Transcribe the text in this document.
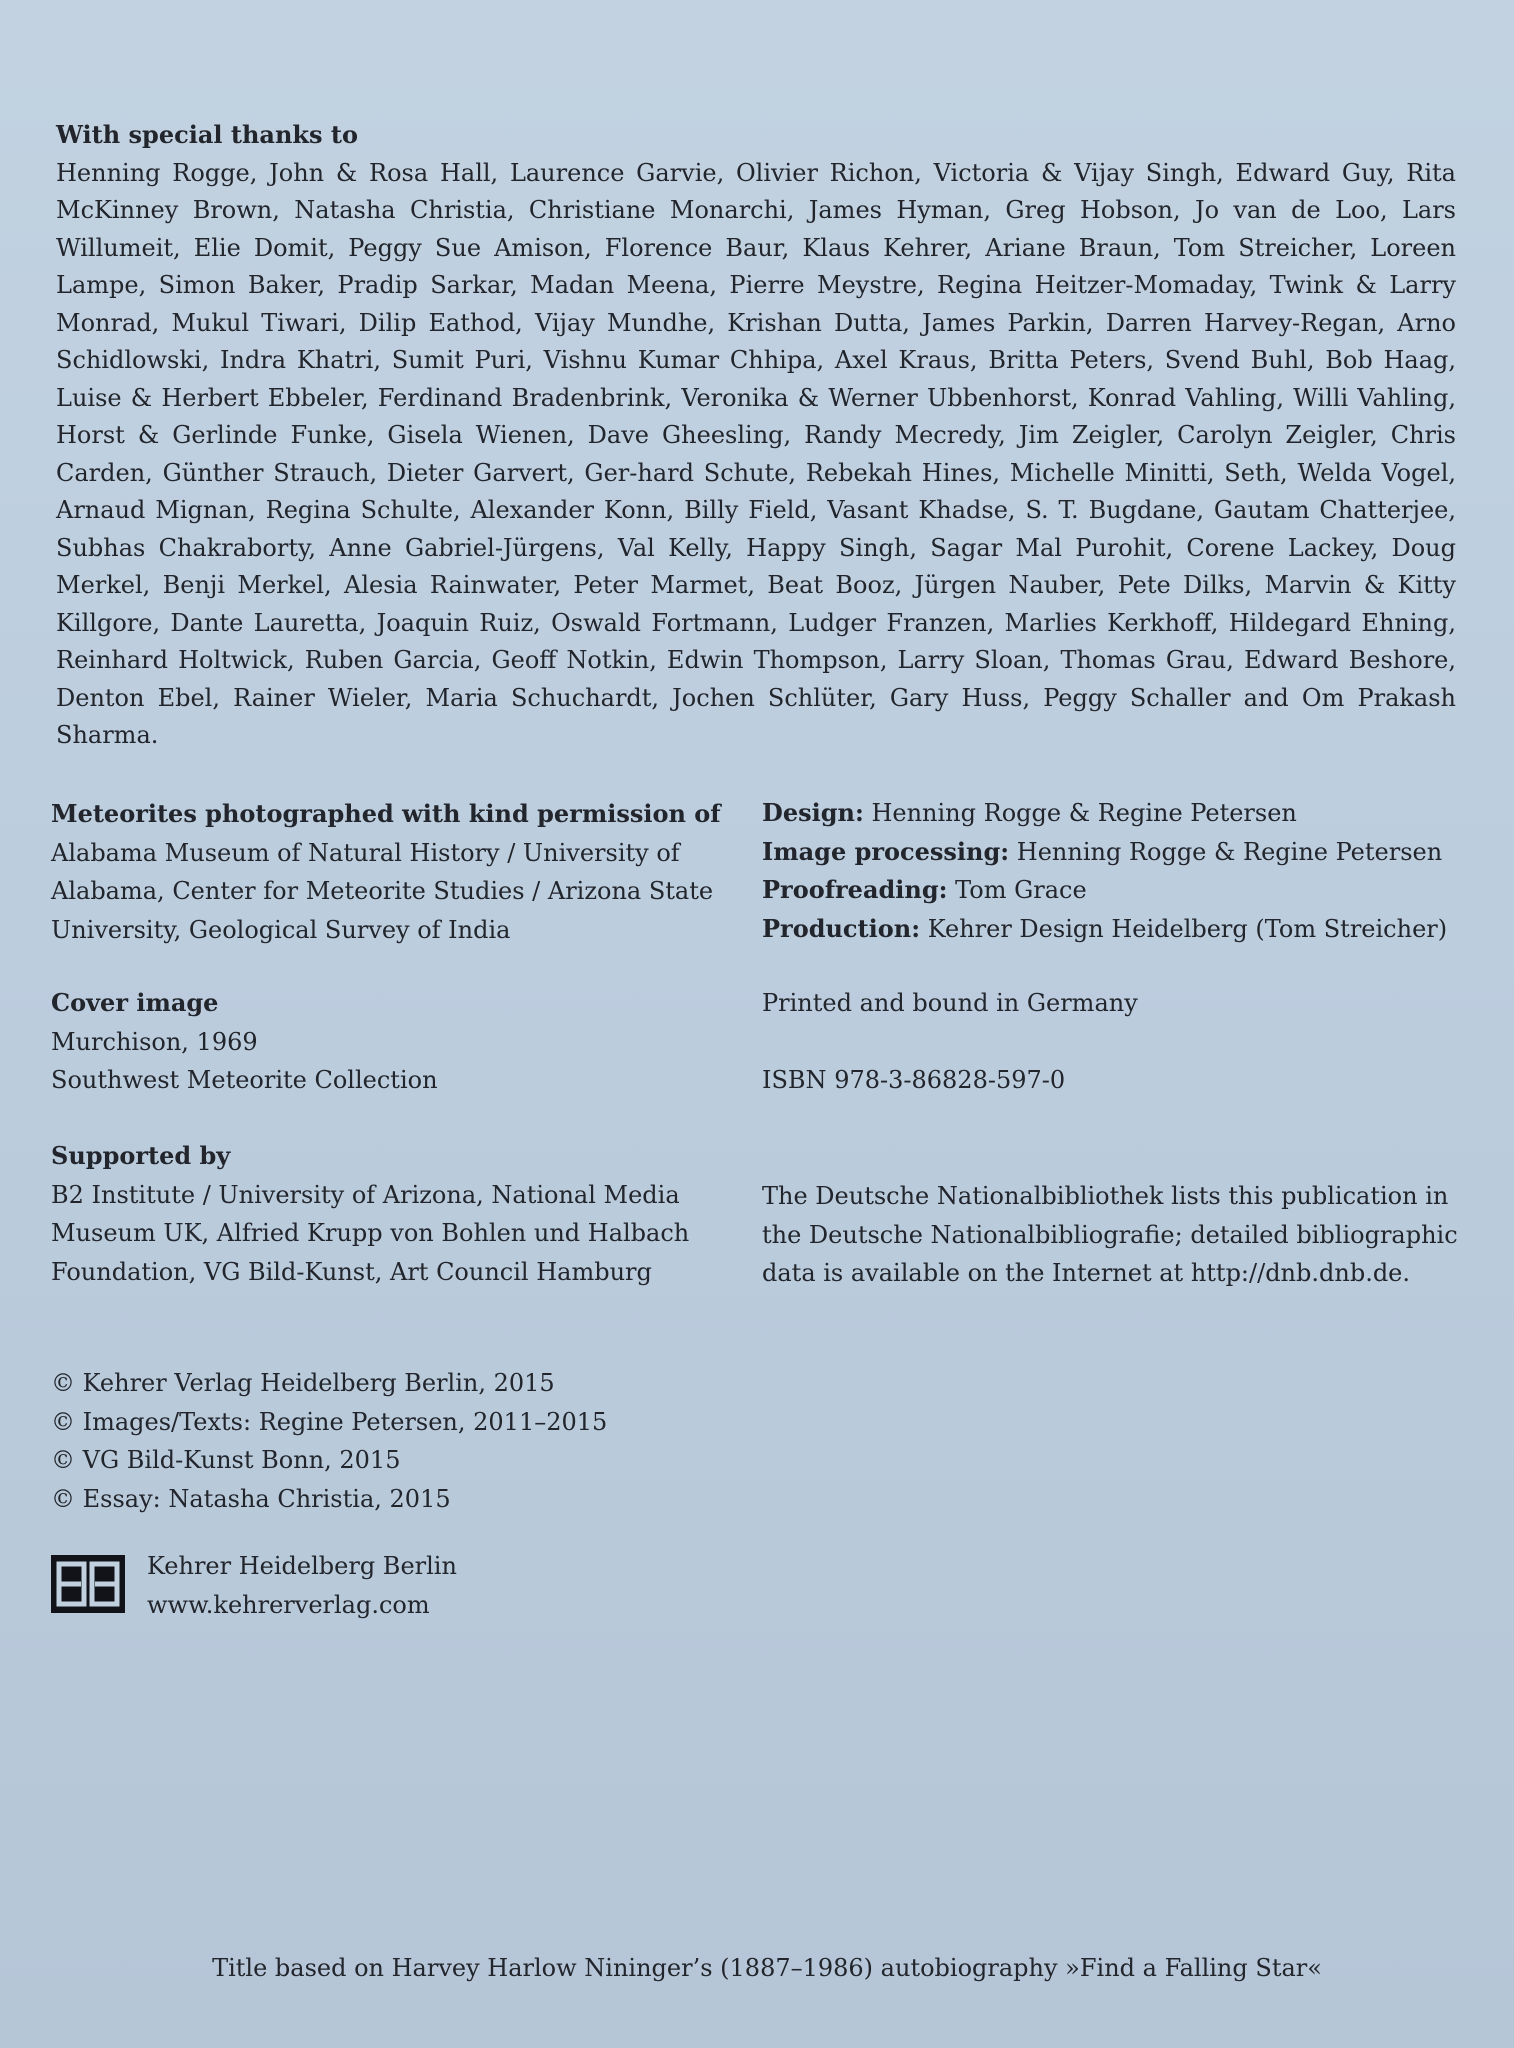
With special thanks to
Henning Rogge, John & Rosa Hall, Laurence Garvie, Olivier Richon, Victoria & Vijay Singh, Edward Guy, Rita McKinney Brown, Natasha Christia, Christiane Monarchi, James Hyman, Greg Hobson, Jo van de Loo, Lars Willumeit, Elie Domit, Peggy Sue Amison, Florence Baur, Klaus Kehrer, Ariane Braun, Tom Streicher, Loreen Lampe, Simon Baker, Pradip Sarkar, Madan Meena, Pierre Meystre, Regina Heitzer-Momaday, Twink & Larry Monrad, Mukul Tiwari, Dilip Eathod, Vijay Mundhe, Krishan Dutta, James Parkin, Darren Harvey-Regan, Arno Schidlowski, Indra Khatri, Sumit Puri, Vishnu Kumar Chhipa, Axel Kraus, Britta Peters, Svend Buhl, Bob Haag, Luise & Herbert Ebbeler, Ferdinand Bradenbrink, Veronika & Werner Ubbenhorst, Konrad Vahling, Willi Vahling, Horst & Gerlinde Funke, Gisela Wienen, Dave Gheesling, Randy Mecredy, Jim Zeigler, Carolyn Zeigler, Chris Carden, Günther Strauch, Dieter Garvert, Ger-hard Schute, Rebekah Hines, Michelle Minitti, Seth, Welda Vogel, Arnaud Mignan, Regina Schulte, Alexander Konn, Billy Field, Vasant Khadse, S. T. Bugdane, Gautam Chatterjee, Subhas Chakraborty, Anne Gabriel-Jürgens, Val Kelly, Happy Singh, Sagar Mal Purohit, Corene Lackey, Doug Merkel, Benji Merkel, Alesia Rainwater, Peter Marmet, Beat Booz, Jürgen Nauber, Pete Dilks, Marvin & Kitty Killgore, Dante Lauretta, Joaquin Ruiz, Oswald Fortmann, Ludger Franzen, Marlies Kerkhoff, Hildegard Ehning, Reinhard Holtwick, Ruben Garcia, Geoff Notkin, Edwin Thompson, Larry Sloan, Thomas Grau, Edward Beshore, Denton Ebel, Rainer Wieler, Maria Schuchardt, Jochen Schlüter, Gary Huss, Peggy Schaller and Om Prakash Sharma.
Meteorites photographed with kind permission of
Alabama Museum of Natural History / University of
Alabama, Center for Meteorite Studies / Arizona State
University, Geological Survey of India
Cover image
Murchison, 1969
Southwest Meteorite Collection
Supported by
B2 Institute / University of Arizona, National Media
Museum UK, Alfried Krupp von Bohlen und Halbach
Foundation, VG Bild-Kunst, Art Council Hamburg
© Kehrer Verlag Heidelberg Berlin, 2015
© Images/Texts: Regine Petersen, 2011–2015
© VG Bild-Kunst Bonn, 2015
© Essay: Natasha Christia, 2015
Design: Henning Rogge & Regine Petersen
Image processing: Henning Rogge & Regine Petersen
Proofreading: Tom Grace
Production: Kehrer Design Heidelberg (Tom Streicher)
Printed and bound in Germany
ISBN 978-3-86828-597-0
The Deutsche Nationalbibliothek lists this publication in
the Deutsche Nationalbibliografie; detailed bibliographic
data is available on the Internet at http://dnb.dnb.de.
Kehrer Heidelberg Berlin
www.kehrerverlag.com
Title based on Harvey Harlow Nininger’s (1887–1986) autobiography »Find a Falling Star«
